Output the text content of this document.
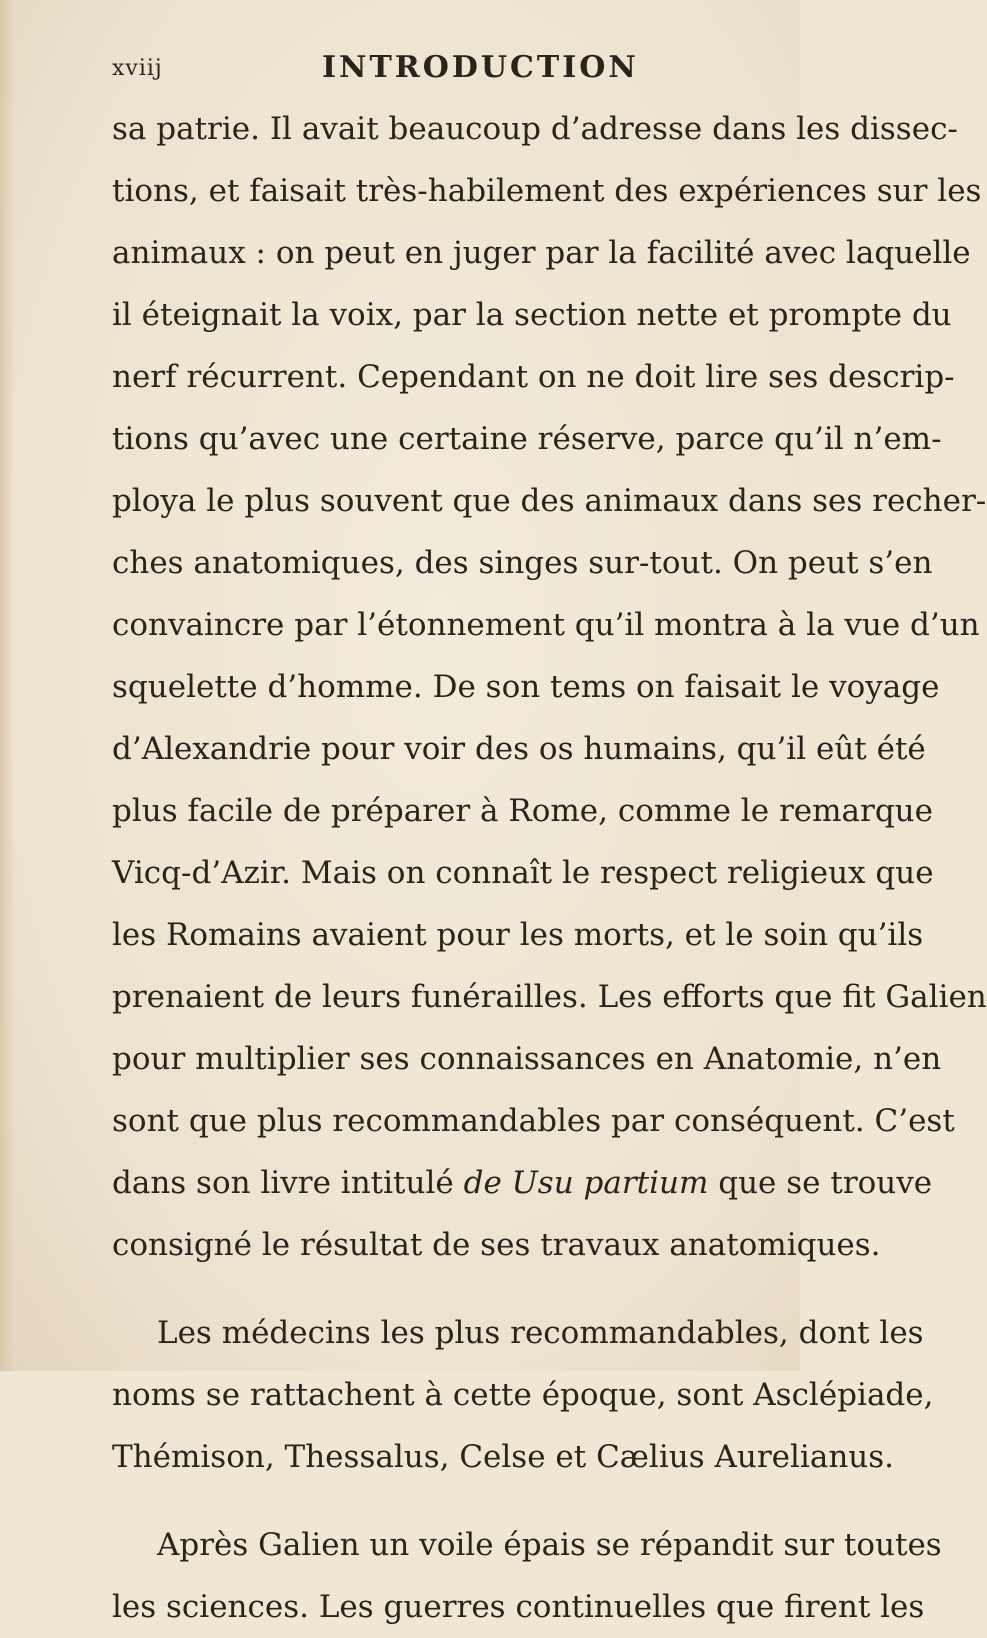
xviij	INTRODUCTION
sa patrie. Il avait beaucoup d’adresse dans les dissec-
tions, et faisait très-habilement des expériences sur les
animaux : on peut en juger par la facilité avec laquelle
il éteignait la voix, par la section nette et prompte du
nerf récurrent. Cependant on ne doit lire ses descrip-
tions qu’avec une certaine réserve, parce qu’il n’em-
ploya le plus souvent que des animaux dans ses recher-
ches anatomiques, des singes sur-tout. On peut s’en
convaincre par l’étonnement qu’il montra à la vue d’un
squelette d’homme. De son tems on faisait le voyage
d’Alexandrie pour voir des os humains, qu’il eût été
plus facile de préparer à Rome, comme le remarque
Vicq-d’Azir. Mais on connaît le respect religieux que
les Romains avaient pour les morts, et le soin qu’ils
prenaient de leurs funérailles. Les efforts que fit Galien
pour multiplier ses connaissances en Anatomie, n’en
sont que plus recommandables par conséquent. C’est
dans son livre intitulé de Usu partium que se trouve
consigné le résultat de ses travaux anatomiques.
Les médecins les plus recommandables, dont les
noms se rattachent à cette époque, sont Asclépiade,
Thémison, Thessalus, Celse et Cælius Aurelianus.
Après Galien un voile épais se répandit sur toutes
les sciences. Les guerres continuelles que firent les
